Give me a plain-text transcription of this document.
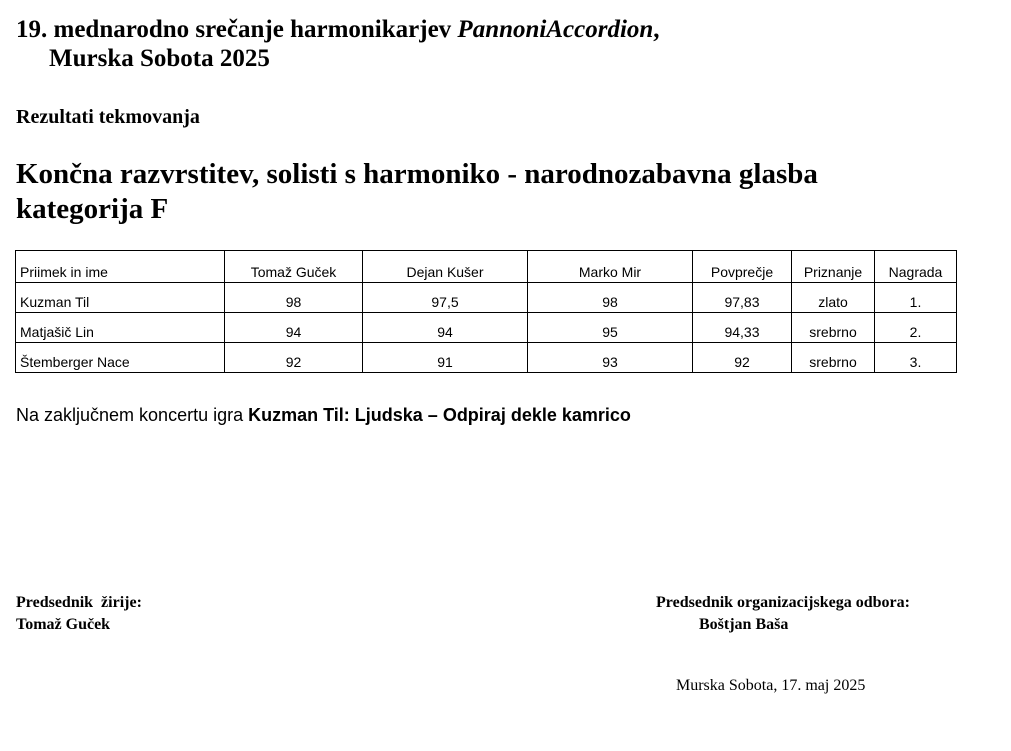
19. mednarodno srečanje harmonikarjev PannoniAccordion,
Murska Sobota 2025
Rezultati tekmovanja
Končna razvrstitev, solisti s harmoniko - narodnozabavna glasba
kategorija F
Priimek in ime	Tomaž Guček	Dejan Kušer	Marko Mir	Povprečje	Priznanje	Nagrada
Kuzman Til	98	97,5	98	97,83	zlato	1.
Matjašič Lin	94	94	95	94,33	srebrno	2.
Štemberger Nace	92	91	93	92	srebrno	3.
Na zaključnem koncertu igra Kuzman Til: Ljudska – Odpiraj dekle kamrico
Predsednik  žirije:
Tomaž Guček
Predsednik organizacijskega odbora:
Boštjan Baša
Murska Sobota, 17. maj 2025
